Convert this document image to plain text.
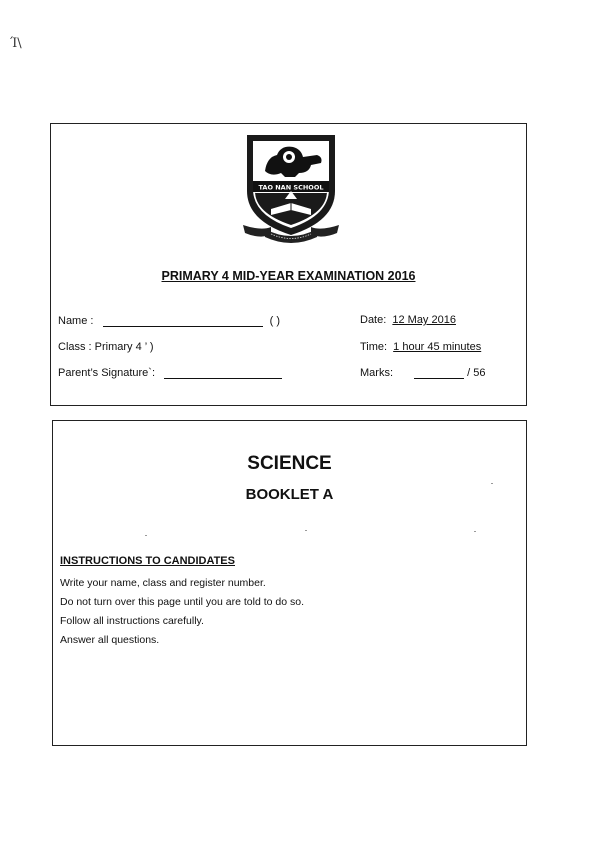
Ί\
TAO NAN SCHOOL
PRIMARY 4 MID-YEAR EXAMINATION 2016
Name :	( )
Class : Primary 4 ’ )
Parent’s Signature`:
Date: 12 May 2016
Time: 1 hour 45 minutes
Marks:	/ 56
SCIENCE
BOOKLET A
INSTRUCTIONS TO CANDIDATES
Write your name, class and register number.
Do not turn over this page until you are told to do so.
Follow all instructions carefully.
Answer all questions.
